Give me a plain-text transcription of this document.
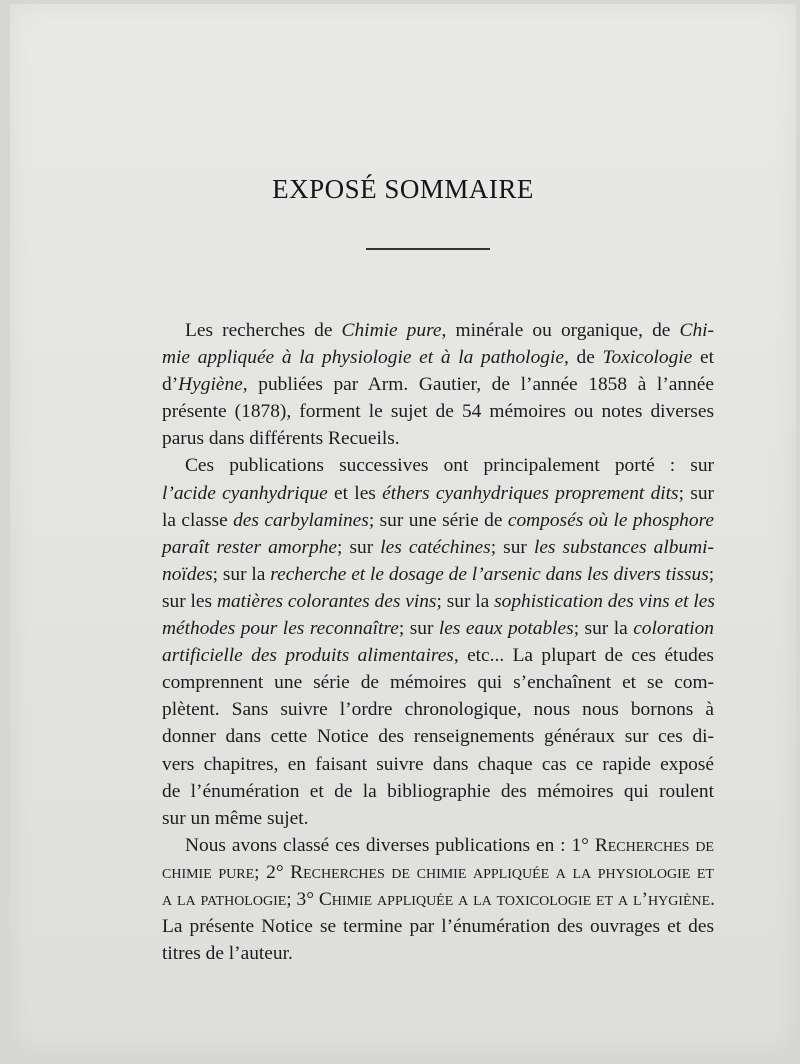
EXPOSÉ SOMMAIRE

Les recherches de Chimie pure, minérale ou organique, de Chi-
mie appliquée à la physiologie et à la pathologie, de Toxicologie et
d’Hygiène, publiées par Arm. Gautier, de l’année 1858 à l’année
présente (1878), forment le sujet de 54 mémoires ou notes diverses
parus dans différents Recueils.

Ces publications successives ont principalement porté : sur
l’acide cyanhydrique et les éthers cyanhydriques proprement dits; sur
la classe des carbylamines; sur une série de composés où le phosphore
paraît rester amorphe; sur les catéchines; sur les substances albumi-
noïdes; sur la recherche et le dosage de l’arsenic dans les divers tissus;
sur les matières colorantes des vins; sur la sophistication des vins et les
méthodes pour les reconnaître; sur les eaux potables; sur la coloration
artificielle des produits alimentaires, etc... La plupart de ces études
comprennent une série de mémoires qui s’enchaînent et se com-
plètent. Sans suivre l’ordre chronologique, nous nous bornons à
donner dans cette Notice des renseignements généraux sur ces di-
vers chapitres, en faisant suivre dans chaque cas ce rapide exposé
de l’énumération et de la bibliographie des mémoires qui roulent
sur un même sujet.

Nous avons classé ces diverses publications en : 1° Recherches de
chimie pure; 2° Recherches de chimie appliquée a la physiologie et
a la pathologie; 3° Chimie appliquée a la toxicologie et a l’hygiène.
La présente Notice se termine par l’énumération des ouvrages et des
titres de l’auteur.
